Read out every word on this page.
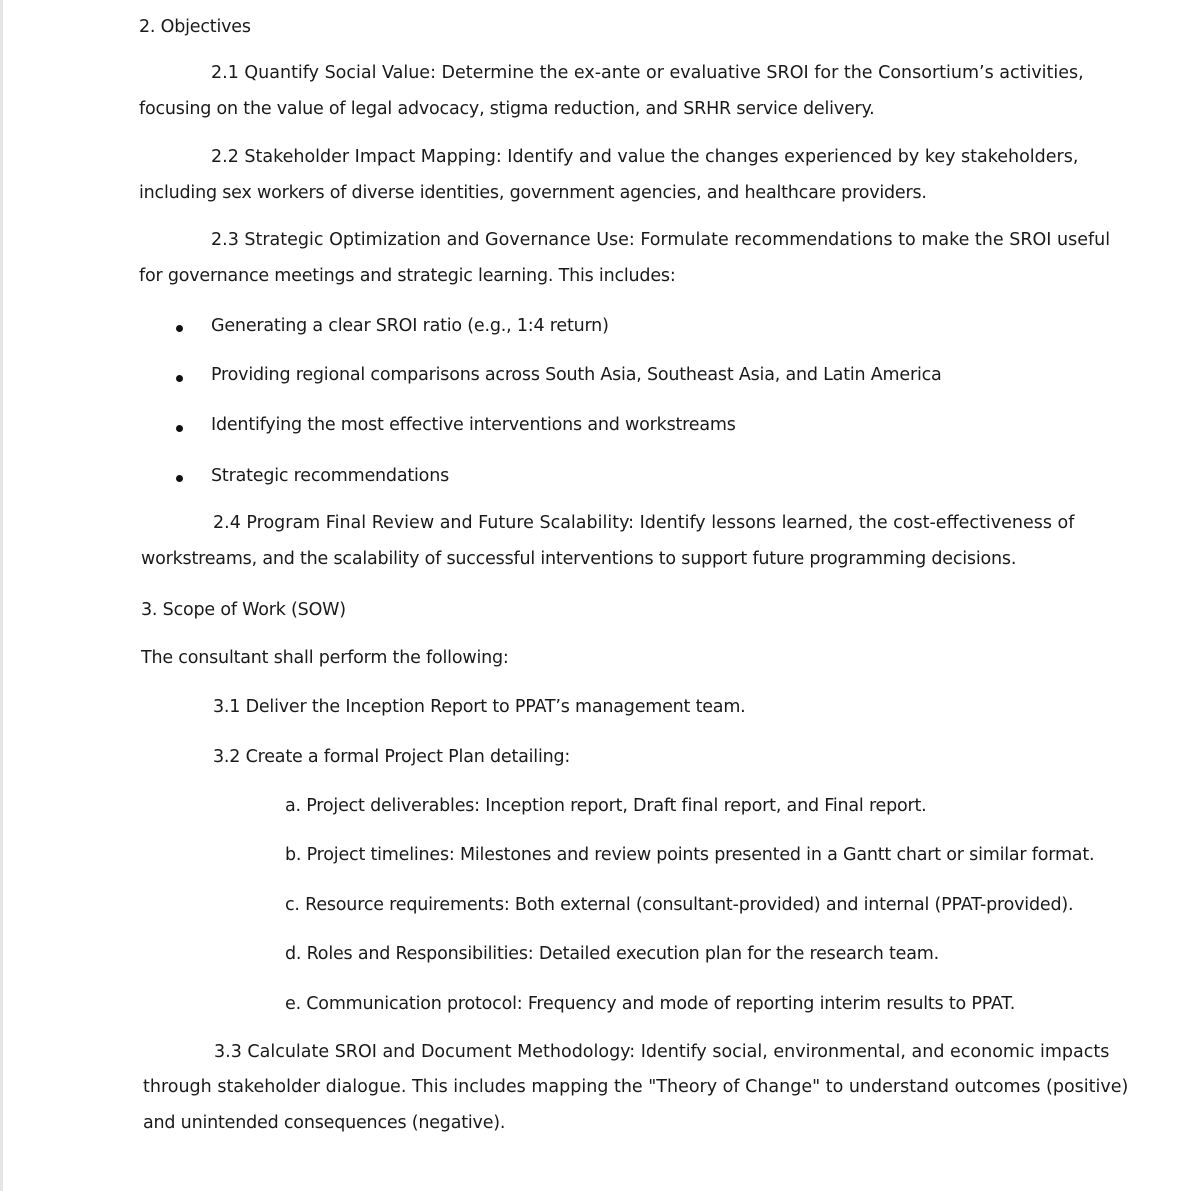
2. Objectives
2.1 Quantify Social Value: Determine the ex-ante or evaluative SROI for the Consortium’s activities,
focusing on the value of legal advocacy, stigma reduction, and SRHR service delivery.
2.2 Stakeholder Impact Mapping: Identify and value the changes experienced by key stakeholders,
including sex workers of diverse identities, government agencies, and healthcare providers.
2.3 Strategic Optimization and Governance Use: Formulate recommendations to make the SROI useful
for governance meetings and strategic learning. This includes:
Generating a clear SROI ratio (e.g., 1:4 return)
Providing regional comparisons across South Asia, Southeast Asia, and Latin America
Identifying the most effective interventions and workstreams
Strategic recommendations
2.4 Program Final Review and Future Scalability: Identify lessons learned, the cost-effectiveness of
workstreams, and the scalability of successful interventions to support future programming decisions.
3. Scope of Work (SOW)
The consultant shall perform the following:
3.1 Deliver the Inception Report to PPAT’s management team.
3.2 Create a formal Project Plan detailing:
a. Project deliverables: Inception report, Draft final report, and Final report.
b. Project timelines: Milestones and review points presented in a Gantt chart or similar format.
c. Resource requirements: Both external (consultant-provided) and internal (PPAT-provided).
d. Roles and Responsibilities: Detailed execution plan for the research team.
e. Communication protocol: Frequency and mode of reporting interim results to PPAT.
3.3 Calculate SROI and Document Methodology: Identify social, environmental, and economic impacts
through stakeholder dialogue. This includes mapping the "Theory of Change" to understand outcomes (positive)
and unintended consequences (negative).
